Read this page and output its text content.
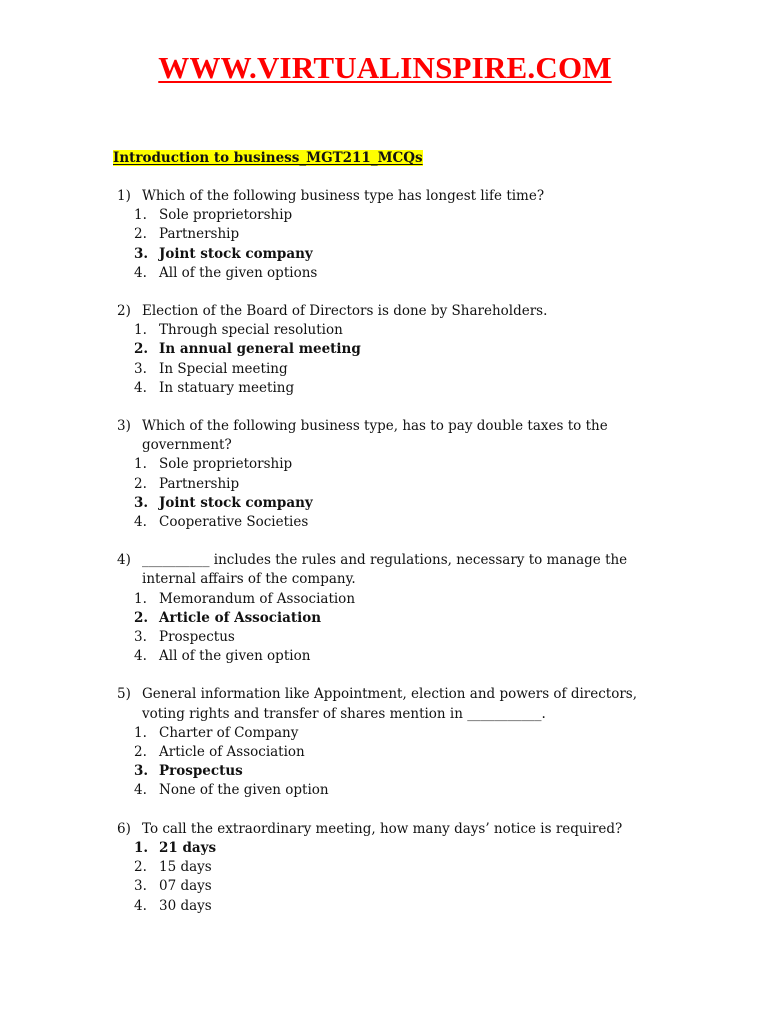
WWW.VIRTUALINSPIRE.COM
Introduction to business_MGT211_MCQs
1) Which of the following business type has longest life time?

1. Sole proprietorship
2. Partnership
3. Joint stock company
4. All of the given options
2) Election of the Board of Directors is done by Shareholders.

1. Through special resolution
2. In annual general meeting
3. In Special meeting
4. In statuary meeting
3) Which of the following business type, has to pay double taxes to the government?

1. Sole proprietorship
2. Partnership
3. Joint stock company
4. Cooperative Societies
4) __________ includes the rules and regulations, necessary to manage the internal affairs of the company.

1. Memorandum of Association
2. Article of Association
3. Prospectus
4. All of the given option
5) General information like Appointment, election and powers of directors, voting rights and transfer of shares mention in ___________.

1. Charter of Company
2. Article of Association
3. Prospectus
4. None of the given option
6) To call the extraordinary meeting, how many days’ notice is required?

1. 21 days
2. 15 days
3. 07 days
4. 30 days
